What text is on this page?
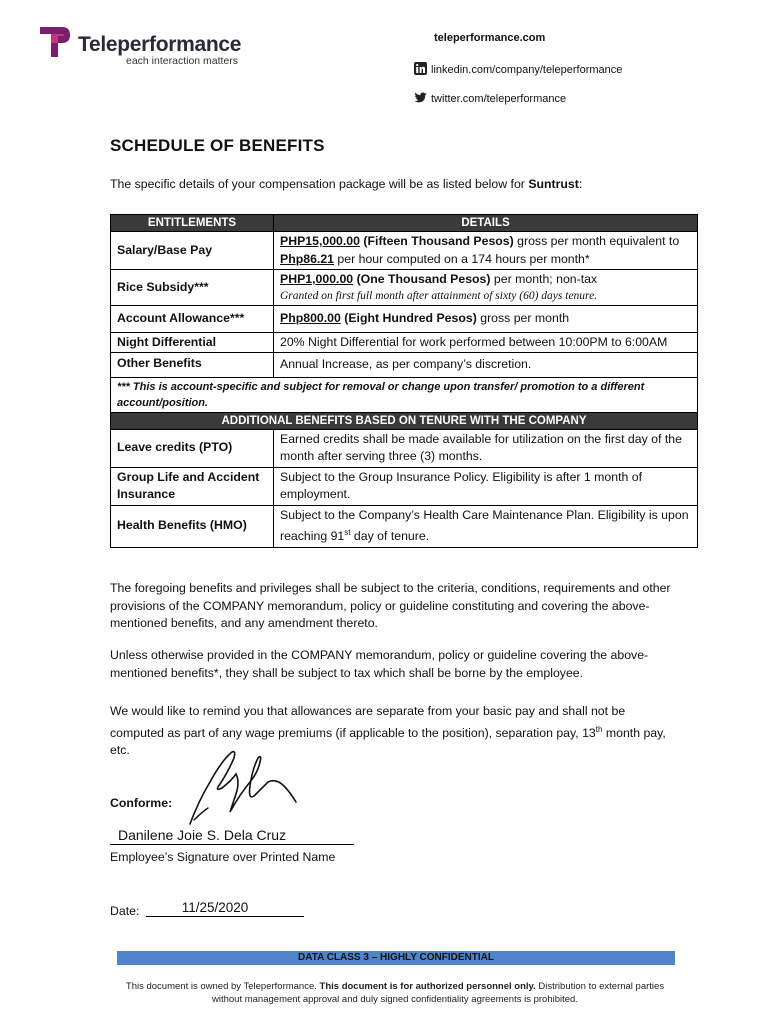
Teleperformance
each interaction matters
teleperformance.com
linkedin.com/company/teleperformance
twitter.com/teleperformance
SCHEDULE OF BENEFITS
The specific details of your compensation package will be as listed below for Suntrust:
ENTITLEMENTS	DETAILS
Salary/Base Pay	PHP15,000.00 (Fifteen Thousand Pesos) gross per month equivalent to Php86.21 per hour computed on a 174 hours per month*
Rice Subsidy***	PHP1,000.00 (One Thousand Pesos) per month; non-tax
Granted on first full month after attainment of sixty (60) days tenure.
Account Allowance***	Php800.00 (Eight Hundred Pesos) gross per month
Night Differential	20% Night Differential for work performed between 10:00PM to 6:00AM
Other Benefits	Annual Increase, as per company’s discretion.
*** This is account-specific and subject for removal or change upon transfer/ promotion to a different account/position.	
ADDITIONAL BENEFITS BASED ON TENURE WITH THE COMPANY	
Leave credits (PTO)	Earned credits shall be made available for utilization on the first day of the month after serving three (3) months.
Group Life and Accident Insurance	Subject to the Group Insurance Policy. Eligibility is after 1 month of employment.
Health Benefits (HMO)	Subject to the Company’s Health Care Maintenance Plan. Eligibility is upon reaching 91st day of tenure.
The foregoing benefits and privileges shall be subject to the criteria, conditions, requirements and other provisions of the COMPANY memorandum, policy or guideline constituting and covering the above-mentioned benefits, and any amendment thereto.
Unless otherwise provided in the COMPANY memorandum, policy or guideline covering the above-mentioned benefits*, they shall be subject to tax which shall be borne by the employee.
We would like to remind you that allowances are separate from your basic pay and shall not be computed as part of any wage premiums (if applicable to the position), separation pay, 13th month pay, etc.
Conforme:
Danilene Joie S. Dela Cruz
Employee’s Signature over Printed Name
Date:	11/25/2020
DATA CLASS 3 – HIGHLY CONFIDENTIAL
This document is owned by Teleperformance. This document is for authorized personnel only. Distribution to external parties without management approval and duly signed confidentiality agreements is prohibited.
